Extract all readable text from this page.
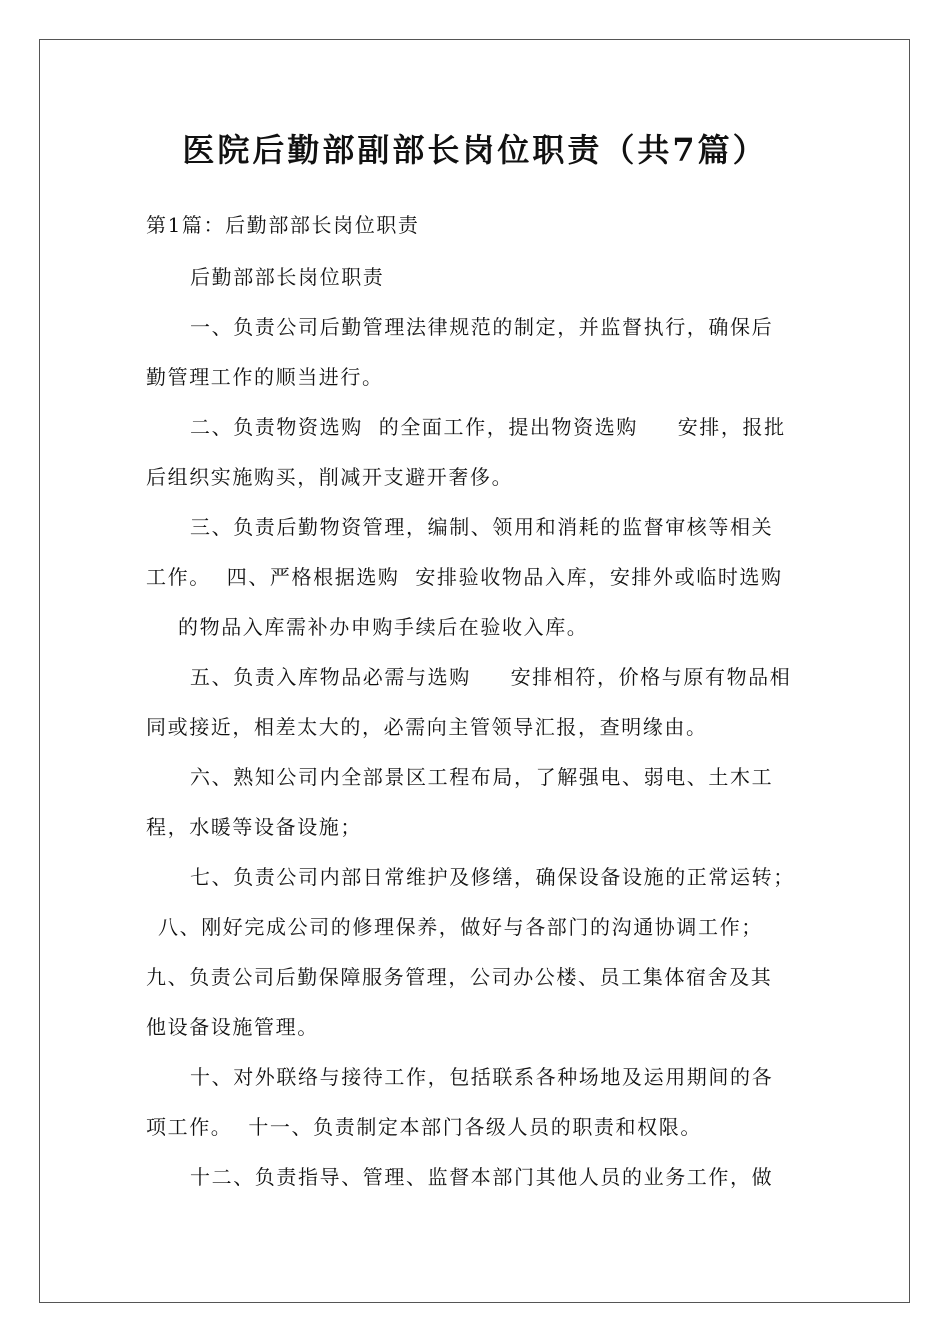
医院后勤部副部长岗位职责（共7篇）
第1篇：后勤部部长岗位职责
后勤部部长岗位职责
一、负责公司后勤管理法律规范的制定，并监督执行，确保后
勤管理工作的顺当进行。
二、负责物资选购  的全面工作，提出物资选购     安排，报批
后组织实施购买，削减开支避开奢侈。
三、负责后勤物资管理，编制、领用和消耗的监督审核等相关
工作。  四、严格根据选购  安排验收物品入库，安排外或临时选购
的物品入库需补办申购手续后在验收入库。
五、负责入库物品必需与选购     安排相符，价格与原有物品相
同或接近，相差太大的，必需向主管领导汇报，查明缘由。
六、熟知公司内全部景区工程布局，了解强电、弱电、土木工
程，水暖等设备设施；
七、负责公司内部日常维护及修缮，确保设备设施的正常运转；
八、刚好完成公司的修理保养，做好与各部门的沟通协调工作；
九、负责公司后勤保障服务管理，公司办公楼、员工集体宿舍及其
他设备设施管理。
十、对外联络与接待工作，包括联系各种场地及运用期间的各
项工作。  十一、负责制定本部门各级人员的职责和权限。
十二、负责指导、管理、监督本部门其他人员的业务工作，做
